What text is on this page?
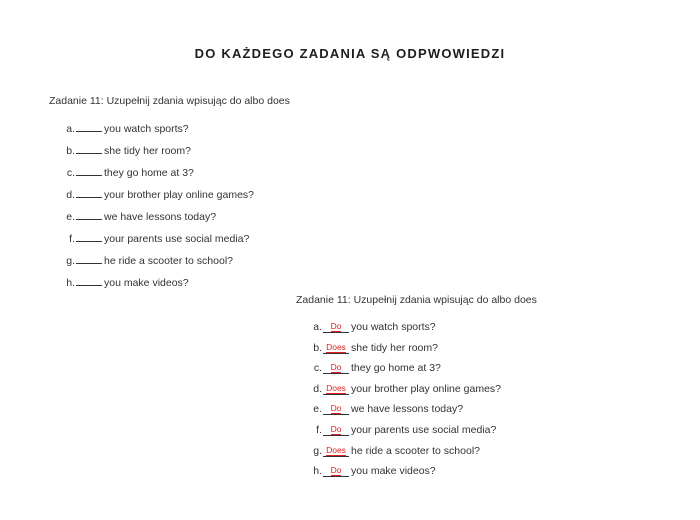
DO KAŻDEGO ZADANIA SĄ ODPWOWIEDZI
Zadanie 11: Uzupełnij zdania wpisując do albo does
a.	you watch sports?
b.	she tidy her room?
c.	they go home at 3?
d.	your brother play online games?
e.	we have lessons today?
f.	your parents use social media?
g.	he ride a scooter to school?
h.	you make videos?
Zadanie 11: Uzupełnij zdania wpisując do albo does
a.	Do you watch sports?
b. Does she tidy her room?
c.	Do they go home at 3?
d. Does your brother play online games?
e.	Do we have lessons today?
f.	Do your parents use social media?
g. Does he ride a scooter to school?
h.	Do you make videos?
